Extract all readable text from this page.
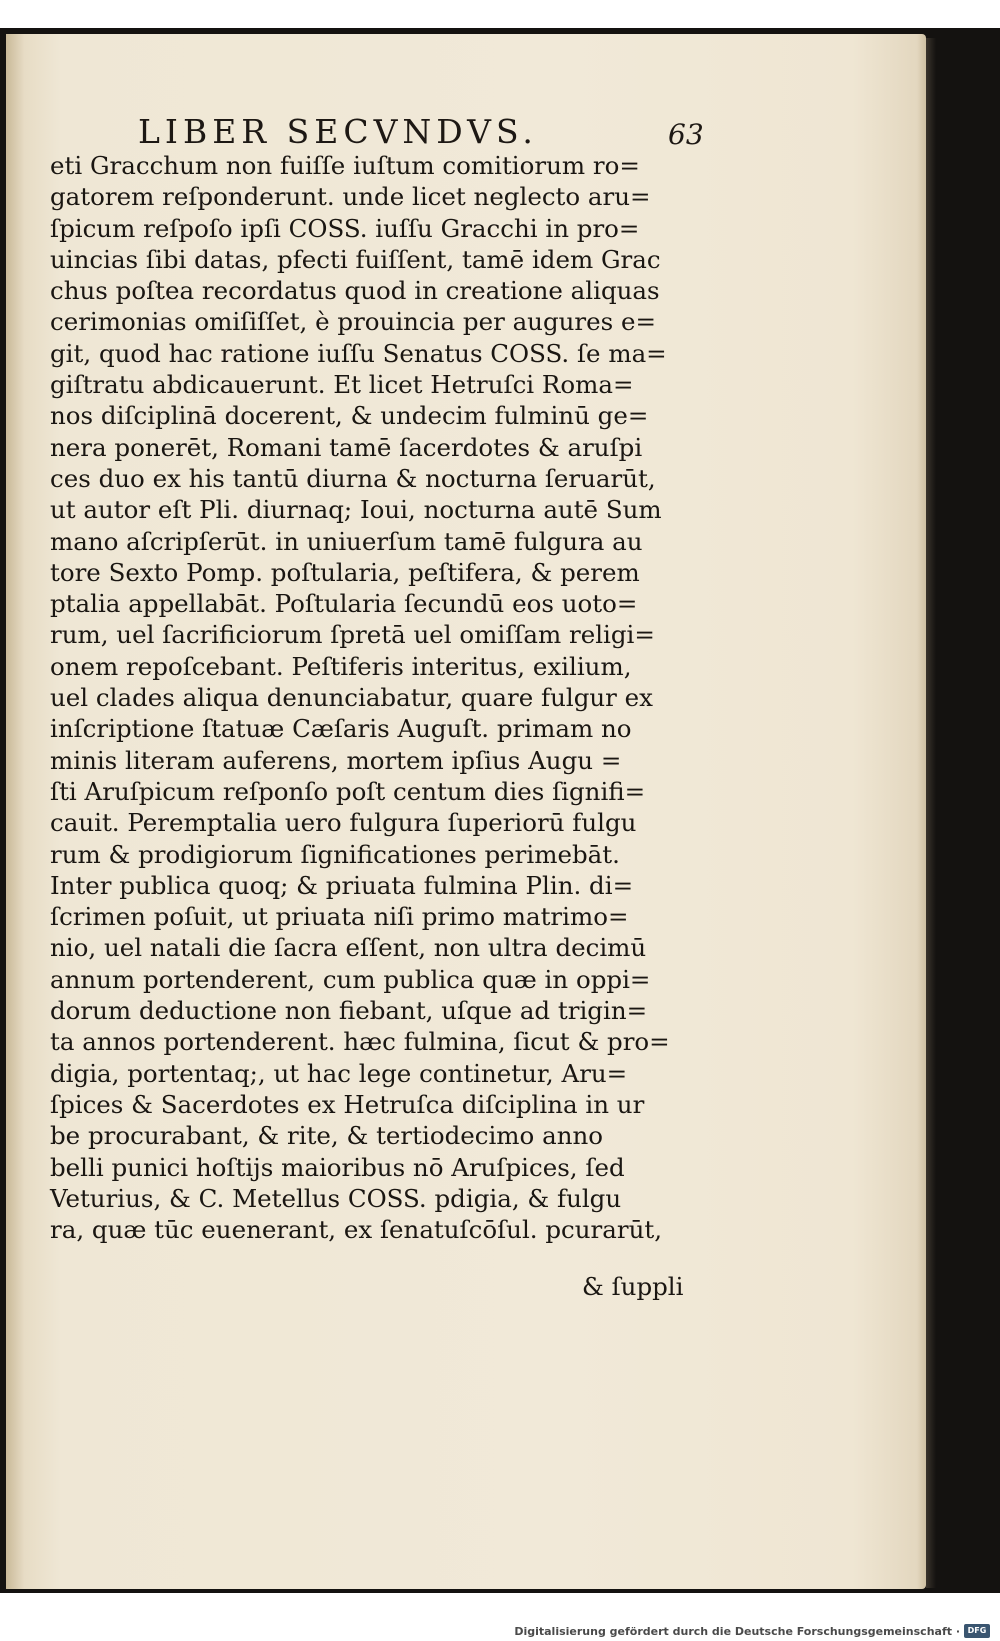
LIBER SECVNDVS.	63
eti Gracchum non fuiſſe iuſtum comitiorum ro=
gatorem reſponderunt. unde licet neglecto aru=
ſpicum reſpoſo ipſi COSS. iuſſu Gracchi in pro=
uincias ſibi datas, pfecti fuiſſent, tamē idem Grac
chus poſtea recordatus quod in creatione aliquas
cerimonias omiſiſſet, è prouincia per augures e=
git, quod hac ratione iuſſu Senatus COSS. ſe ma=
giſtratu abdicauerunt. Et licet Hetruſci Roma=
nos diſciplinā docerent, & undecim fulminū ge=
nera ponerēt, Romani tamē ſacerdotes & aruſpi
ces duo ex his tantū diurna & nocturna ſeruarūt,
ut autor eſt Pli. diurnaq; Ioui, nocturna autē Sum
mano aſcripſerūt. in uniuerſum tamē fulgura au
tore Sexto Pomp. poſtularia, peſtifera, & perem
ptalia appellabāt. Poſtularia ſecundū eos uoto=
rum, uel ſacrificiorum ſpretā uel omiſſam religi=
onem repoſcebant. Peſtiferis interitus, exilium,
uel clades aliqua denunciabatur, quare fulgur ex
inſcriptione ſtatuæ Cæſaris Auguſt. primam no
minis literam auferens, mortem ipſius Augu =
ſti Aruſpicum reſponſo poſt centum dies ſignifi=
cauit. Peremptalia uero fulgura ſuperiorū fulgu
rum & prodigiorum ſignificationes perimebāt.
Inter publica quoq; & priuata fulmina Plin. di=
ſcrimen poſuit, ut priuata niſi primo matrimo=
nio, uel natali die ſacra eſſent, non ultra decimū
annum portenderent, cum publica quæ in oppi=
dorum deductione non fiebant, uſque ad trigin=
ta annos portenderent. hæc fulmina, ſicut & pro=
digia, portentaq;, ut hac lege continetur, Aru=
ſpices & Sacerdotes ex Hetruſca diſciplina in ur
be procurabant, & rite, & tertiodecimo anno
belli punici hoſtijs maioribus nō Aruſpices, ſed
Veturius, & C. Metellus COSS. pdigia, & fulgu
ra, quæ tūc euenerant, ex ſenatuſcōſul. pcurarūt,
& ſuppli
Digitalisierung gefördert durch die Deutsche Forschungsgemeinschaft · DFG
